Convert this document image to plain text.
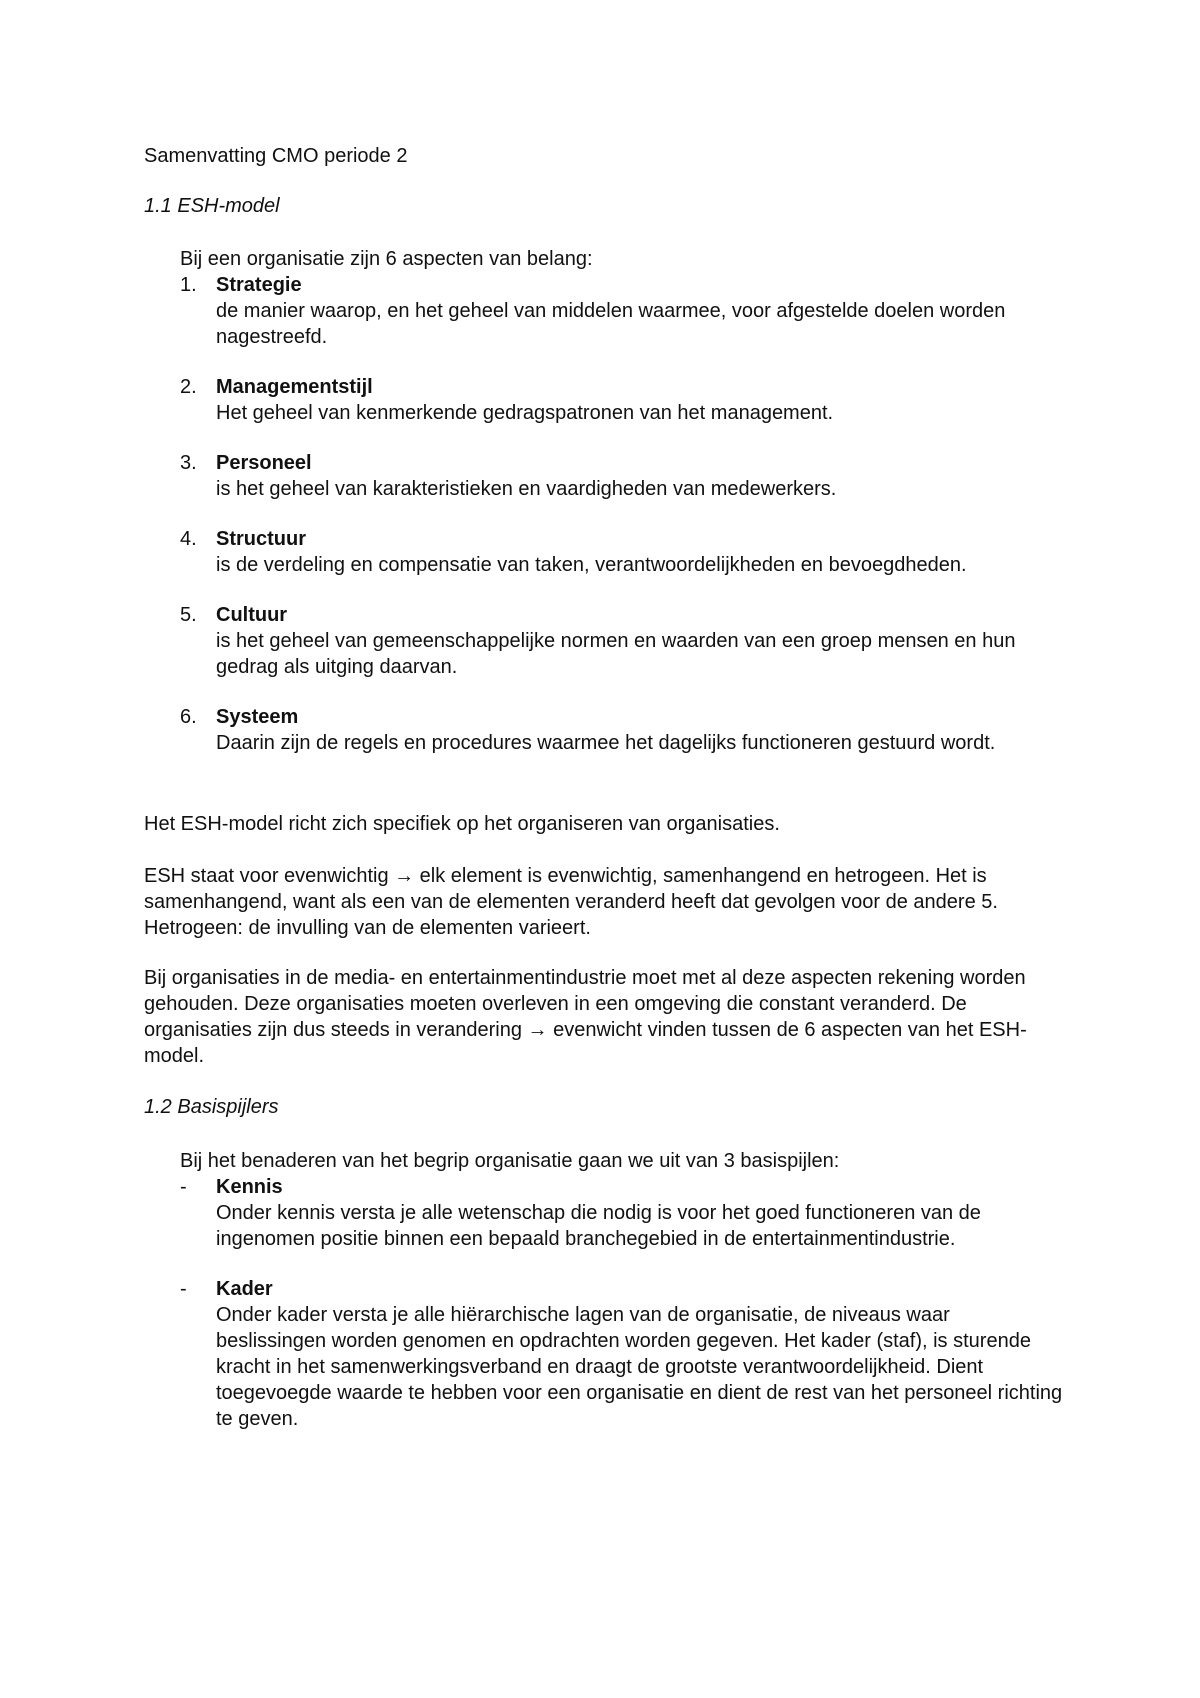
Samenvatting CMO periode 2
1.1 ESH-model
Bij een organisatie zijn 6 aspecten van belang:
1. Strategie
de manier waarop, en het geheel van middelen waarmee, voor afgestelde doelen worden nagestreefd.
2. Managementstijl
Het geheel van kenmerkende gedragspatronen van het management.
3. Personeel
is het geheel van karakteristieken en vaardigheden van medewerkers.
4. Structuur
is de verdeling en compensatie van taken, verantwoordelijkheden en bevoegdheden.
5. Cultuur
is het geheel van gemeenschappelijke normen en waarden van een groep mensen en hun gedrag als uitging daarvan.
6. Systeem
Daarin zijn de regels en procedures waarmee het dagelijks functioneren gestuurd wordt.

Het ESH-model richt zich specifiek op het organiseren van organisaties.

ESH staat voor evenwichtig → elk element is evenwichtig, samenhangend en hetrogeen. Het is samenhangend, want als een van de elementen veranderd heeft dat gevolgen voor de andere 5. Hetrogeen: de invulling van de elementen varieert.

Bij organisaties in de media- en entertainmentindustrie moet met al deze aspecten rekening worden gehouden. Deze organisaties moeten overleven in een omgeving die constant veranderd. De organisaties zijn dus steeds in verandering → evenwicht vinden tussen de 6 aspecten van het ESH-model.

1.2 Basispijlers
Bij het benaderen van het begrip organisatie gaan we uit van 3 basispijlen:
-	Kennis
Onder kennis versta je alle wetenschap die nodig is voor het goed functioneren van de ingenomen positie binnen een bepaald branchegebied in de entertainmentindustrie.
-	Kader
Onder kader versta je alle hiërarchische lagen van de organisatie, de niveaus waar beslissingen worden genomen en opdrachten worden gegeven. Het kader (staf), is sturende kracht in het samenwerkingsverband en draagt de grootste verantwoordelijkheid. Dient toegevoegde waarde te hebben voor een organisatie en dient de rest van het personeel richting te geven.
